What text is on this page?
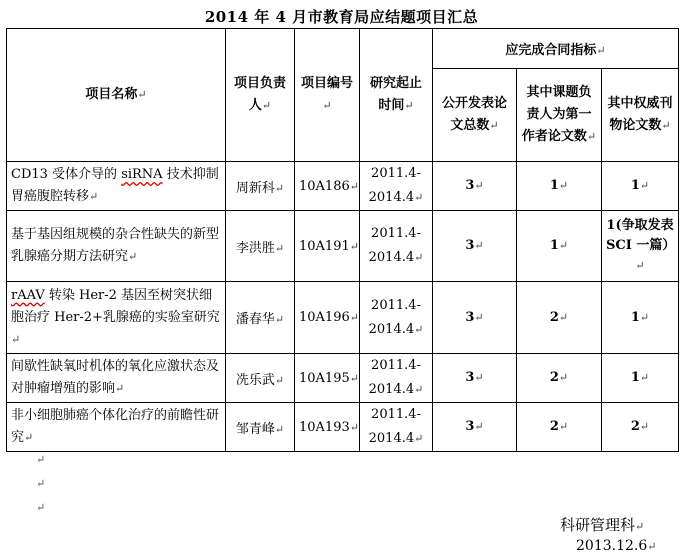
2014 年 4 月市教育局应结题项目汇总
项目名称↵	项目负责人↵	项目编号↵	研究起止时间↵	应完成合同指标↵		
				公开发表论文总数↵	其中课题负责人为第一作者论文数↵	其中权威刊物论文数↵
CD13 受体介导的 siRNA 技术抑制胃癌腹腔转移↵	周新科↵	10A186↵	2011.4-2014.4↵	3↵	1↵	1↵
基于基因组规模的杂合性缺失的新型乳腺癌分期方法研究↵	李洪胜↵	10A191↵	2011.4-2014.4↵	3↵	1↵	1(争取发表 SCI 一篇）↵
rAAV 转染 Her-2 基因至树突状细胞治疗 Her-2+乳腺癌的实验室研究↵	潘春华↵	10A196↵	2011.4-2014.4↵	3↵	2↵	1↵
间歇性缺氧时机体的氧化应激状态及对肿瘤增殖的影响↵	冼乐武↵	10A195↵	2011.4-2014.4↵	3↵	2↵	1↵
非小细胞肺癌个体化治疗的前瞻性研究↵	邹青峰↵	10A193↵	2011.4-2014.4↵	3↵	2↵	2↵
↵
↵
↵
科研管理科↵
2013.12.6↵
